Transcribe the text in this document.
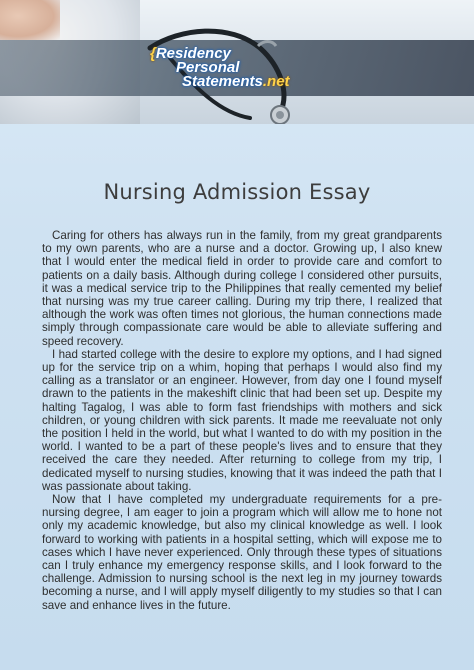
{Residency
Personal
Statements.net
Nursing Admission Essay

Caring for others has always run in the family, from my great grandparents to my own parents, who are a nurse and a doctor. Growing up, I also knew that I would enter the medical field in order to provide care and comfort to patients on a daily basis. Although during college I considered other pursuits, it was a medical service trip to the Philippines that really cemented my belief that nursing was my true career calling. During my trip there, I realized that although the work was often times not glorious, the human connections made simply through compassionate care would be able to alleviate suffering and speed recovery.

I had started college with the desire to explore my options, and I had signed up for the service trip on a whim, hoping that perhaps I would also find my calling as a translator or an engineer. However, from day one I found myself drawn to the patients in the makeshift clinic that had been set up. Despite my halting Tagalog, I was able to form fast friendships with mothers and sick children, or young children with sick parents. It made me reevaluate not only the position I held in the world, but what I wanted to do with my position in the world. I wanted to be a part of these people's lives and to ensure that they received the care they needed. After returning to college from my trip, I dedicated myself to nursing studies, knowing that it was indeed the path that I was passionate about taking.

Now that I have completed my undergraduate requirements for a pre-nursing degree, I am eager to join a program which will allow me to hone not only my academic knowledge, but also my clinical knowledge as well. I look forward to working with patients in a hospital setting, which will expose me to cases which I have never experienced. Only through these types of situations can I truly enhance my emergency response skills, and I look forward to the challenge. Admission to nursing school is the next leg in my journey towards becoming a nurse, and I will apply myself diligently to my studies so that I can save and enhance lives in the future.
